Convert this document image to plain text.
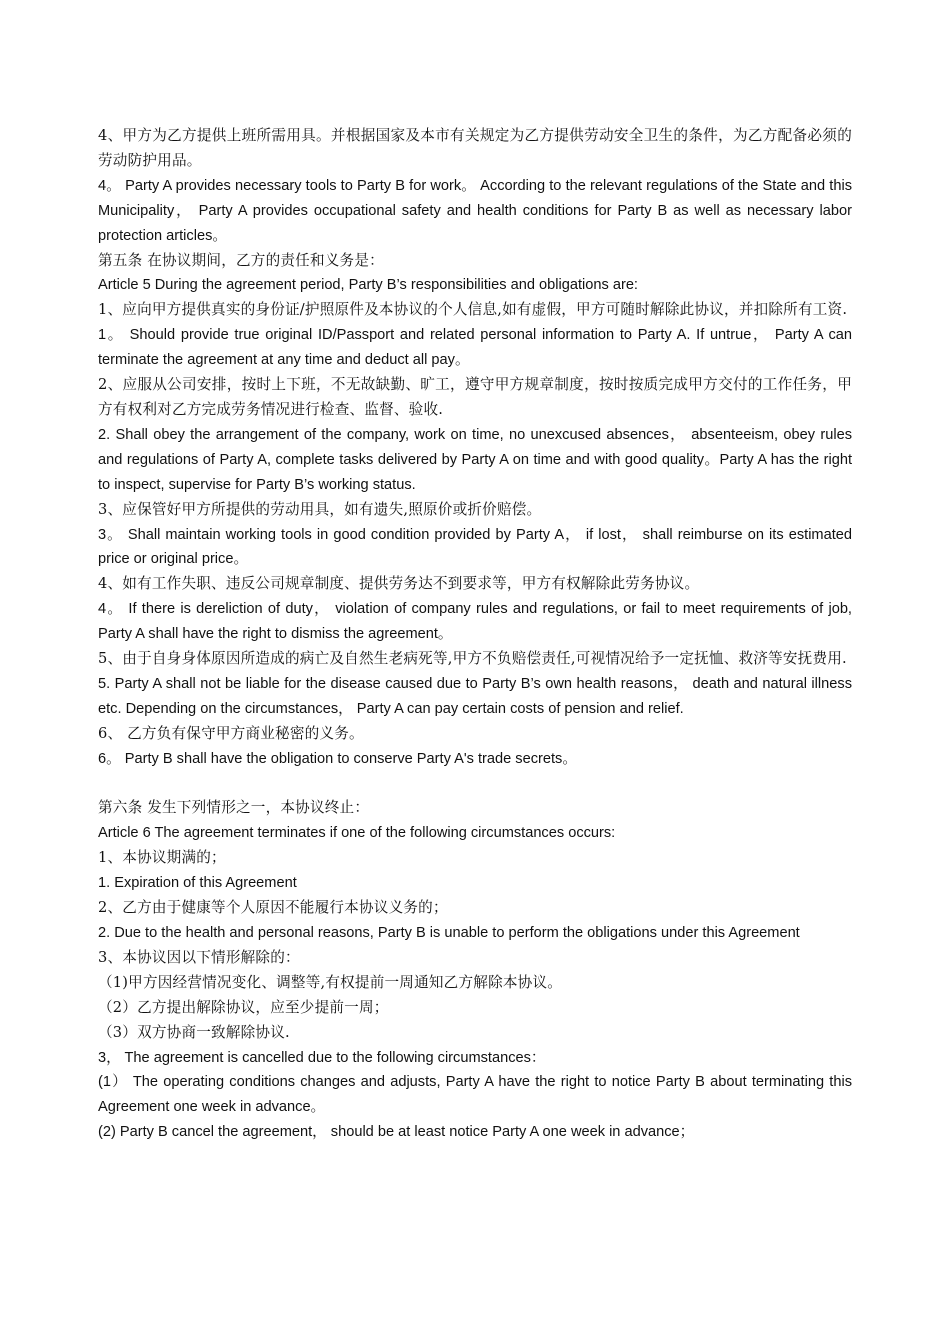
4、甲方为乙方提供上班所需用具。并根据国家及本市有关规定为乙方提供劳动安全卫生的条件，为乙方配备必须的劳动防护用品。

4。 Party A provides necessary tools to Party B for work。 According to the relevant regulations of the State and this Municipality， Party A provides occupational safety and health conditions for Party B as well as necessary labor protection articles。

第五条 在协议期间，乙方的责任和义务是：

Article 5 During the agreement period, Party B’s responsibilities and obligations are:

1、应向甲方提供真实的身份证/护照原件及本协议的个人信息,如有虚假，甲方可随时解除此协议，并扣除所有工资.

1。 Should provide true original ID/Passport and related personal information to Party A. If untrue， Party A can terminate the agreement at any time and deduct all pay。

2、应服从公司安排，按时上下班，不无故缺勤、旷工，遵守甲方规章制度，按时按质完成甲方交付的工作任务，甲方有权利对乙方完成劳务情况进行检查、监督、验收.

2. Shall obey the arrangement of the company, work on time, no unexcused absences， absenteeism, obey rules and regulations of Party A, complete tasks delivered by Party A on time and with good quality。Party A has the right to inspect, supervise for Party B’s working status.

3、应保管好甲方所提供的劳动用具，如有遗失,照原价或折价赔偿。

3。 Shall maintain working tools in good condition provided by Party A， if lost， shall reimburse on its estimated price or original price。

4、如有工作失职、违反公司规章制度、提供劳务达不到要求等，甲方有权解除此劳务协议。

4。 If there is dereliction of duty， violation of company rules and regulations, or fail to meet requirements of job, Party A shall have the right to dismiss the agreement。

5、由于自身身体原因所造成的病亡及自然生老病死等,甲方不负赔偿责任,可视情况给予一定抚恤、救济等安抚费用.

5. Party A shall not be liable for the disease caused due to Party B’s own health reasons， death and natural illness etc. Depending on the circumstances， Party A can pay certain costs of pension and relief.

6、 乙方负有保守甲方商业秘密的义务。

6。 Party B shall have the obligation to conserve Party A's trade secrets。

第六条 发生下列情形之一，本协议终止：

Article 6 The agreement terminates if one of the following circumstances occurs:

1、本协议期满的；

1. Expiration of this Agreement

2、乙方由于健康等个人原因不能履行本协议义务的；

2. Due to the health and personal reasons, Party B is unable to perform the obligations under this Agreement

3、本协议因以下情形解除的：

（1)甲方因经营情况变化、调整等,有权提前一周通知乙方解除本协议。

（2）乙方提出解除协议，应至少提前一周；

（3）双方协商一致解除协议.

3， The agreement is cancelled due to the following circumstances：

(1） The operating conditions changes and adjusts, Party A have the right to notice Party B about terminating this Agreement one week in advance。

(2) Party B cancel the agreement， should be at least notice Party A one week in advance；
